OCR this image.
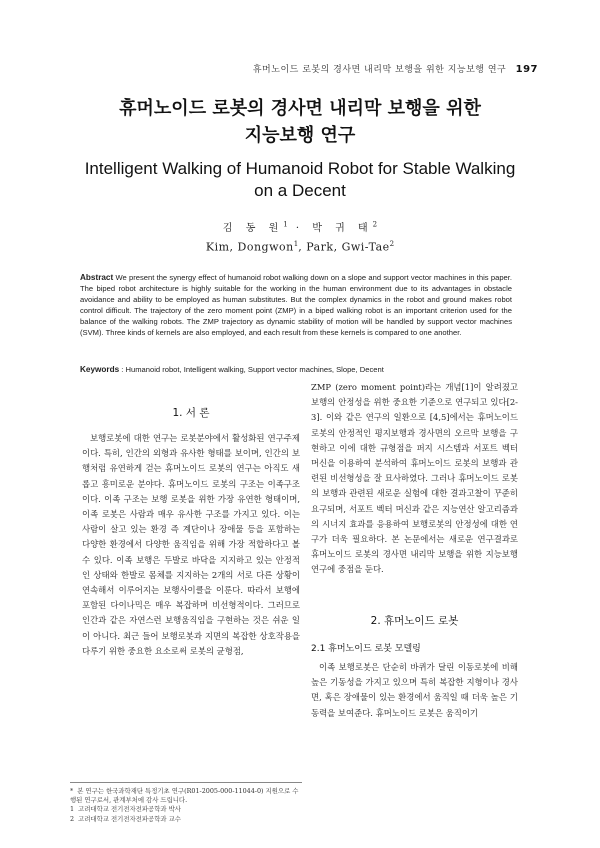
휴머노이드 로봇의 경사면 내리막 보행을 위한 지능보행 연구 197
휴머노이드 로봇의 경사면 내리막 보행을 위한
지능보행 연구
Intelligent Walking of Humanoid Robot for Stable Walking
on a Decent
김 동 원$^1$ · 박 귀 태$^2$
Kim, Dongwon$^1$, Park, Gwi-Tae$^2$
Abstract We present the synergy effect of humanoid robot walking down on a slope and support vector machines in this paper. The biped robot architecture is highly suitable for the working in the human environment due to its advantages in obstacle avoidance and ability to be employed as human substitutes. But the complex dynamics in the robot and ground makes robot control difficult. The trajectory of the zero moment point (ZMP) in a biped walking robot is an important criterion used for the balance of the walking robots. The ZMP trajectory as dynamic stability of motion will be handled by support vector machines (SVM). Three kinds of kernels are also employed, and each result from these kernels is compared to one another.
Keywords : Humanoid robot, Intelligent walking, Support vector machines, Slope, Decent
1. 서 론

보행로봇에 대한 연구는 로봇분야에서 활성화된 연구주제이다. 특히, 인간의 외형과 유사한 형태를 보이며, 인간의 보행처럼 유연하게 걷는 휴머노이드 로봇의 연구는 아직도 새롭고 흥미로운 분야다. 휴머노이드 로봇의 구조는 이족구조이다. 이족 구조는 보행 로봇을 위한 가장 유연한 형태이며, 이족 로봇은 사람과 매우 유사한 구조를 가지고 있다. 이는 사람이 살고 있는 환경 즉 계단이나 장애물 등을 포함하는 다양한 환경에서 다양한 움직임을 위해 가장 적합하다고 볼 수 있다. 이족 보행은 두발로 바닥을 지지하고 있는 안정적인 상태와 한발로 몸체를 지지하는 2개의 서로 다른 상황이 연속해서 이루어지는 보행사이클을 이룬다. 따라서 보행에 포함된 다이나믹은 매우 복잡하며 비선형적이다. 그러므로 인간과 같은 자연스런 보행움직임을 구현하는 것은 쉬운 일이 아니다. 최근 들어 보행로봇과 지면의 복잡한 상호작용을 다루기 위한 중요한 요소로써 로봇의 균형점,

ZMP (zero moment point)라는 개념[1]이 알려졌고 보행의 안정성을 위한 중요한 기준으로 연구되고 있다[2-3]. 이와 같은 연구의 일환으로 [4,5]에서는 휴머노이드 로봇의 안정적인 평지보행과 경사면의 오르막 보행을 구현하고 이에 대한 규형점을 퍼지 시스템과 서포트 벡터 머신을 이용하여 분석하여 휴머노이드 로봇의 보행과 관련된 비선형성을 잘 묘사하였다. 그러나 휴머노이드 로봇의 보행과 관련된 새로운 실험에 대한 결과고찰이 꾸준히 요구되며, 서포트 벡터 머신과 같은 지능연산 알고리즘과의 시너지 효과를 응용하여 보행로봇의 안정성에 대한 연구가 더욱 필요하다. 본 논문에서는 새로운 연구결과로 휴머노이드 로봇의 경사면 내리막 보행을 위한 지능보행 연구에 중점을 둔다.

2. 휴머노이드 로봇
2.1 휴머노이드 로봇 모델링

이족 보행로봇은 단순히 바퀴가 달린 이동로봇에 비해 높은 기동성을 가지고 있으며 특히 복잡한 지형이나 경사면, 혹은 장애물이 있는 환경에서 움직일 때 더욱 높은 기동력을 보여준다. 휴머노이드 로봇은 움직이기

* 본 연구는 한국과학재단 특정기초 연구(R01-2005-000-11044-0) 지원으로 수행된 연구로서, 관계부처에 감사 드립니다.

1 고려대학교 전기전자전파공학과 박사

2 고려대학교 전기전자전파공학과 교수
